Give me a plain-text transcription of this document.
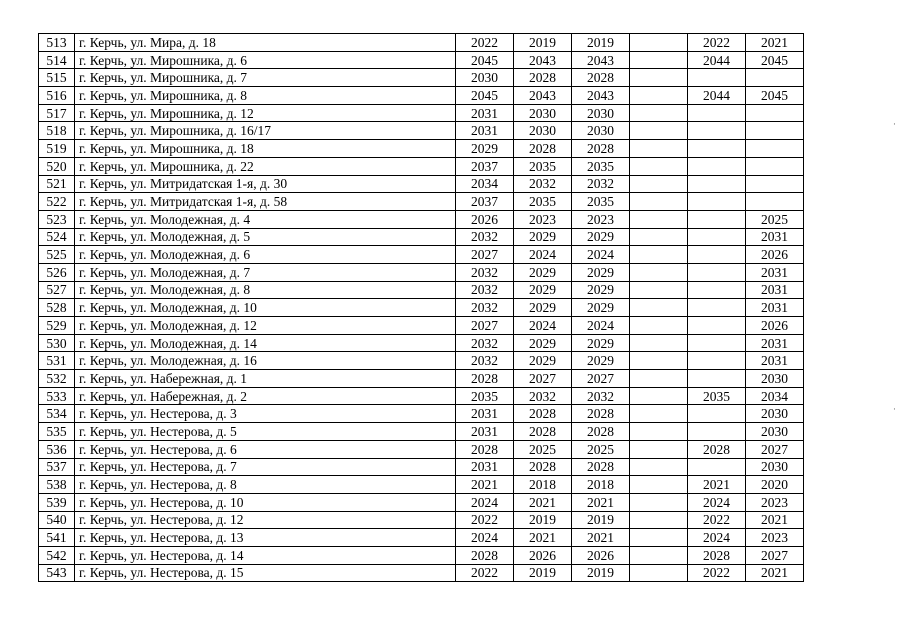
513	г. Керчь, ул. Мира, д. 18	2022	2019	2019		2022	2021
514	г. Керчь, ул. Мирошника, д. 6	2045	2043	2043		2044	2045
515	г. Керчь, ул. Мирошника, д. 7	2030	2028	2028			
516	г. Керчь, ул. Мирошника, д. 8	2045	2043	2043		2044	2045
517	г. Керчь, ул. Мирошника, д. 12	2031	2030	2030			
518	г. Керчь, ул. Мирошника, д. 16/17	2031	2030	2030			
519	г. Керчь, ул. Мирошника, д. 18	2029	2028	2028			
520	г. Керчь, ул. Мирошника, д. 22	2037	2035	2035			
521	г. Керчь, ул. Митридатская 1-я, д. 30	2034	2032	2032			
522	г. Керчь, ул. Митридатская 1-я, д. 58	2037	2035	2035			
523	г. Керчь, ул. Молодежная, д. 4	2026	2023	2023			2025
524	г. Керчь, ул. Молодежная, д. 5	2032	2029	2029			2031
525	г. Керчь, ул. Молодежная, д. 6	2027	2024	2024			2026
526	г. Керчь, ул. Молодежная, д. 7	2032	2029	2029			2031
527	г. Керчь, ул. Молодежная, д. 8	2032	2029	2029			2031
528	г. Керчь, ул. Молодежная, д. 10	2032	2029	2029			2031
529	г. Керчь, ул. Молодежная, д. 12	2027	2024	2024			2026
530	г. Керчь, ул. Молодежная, д. 14	2032	2029	2029			2031
531	г. Керчь, ул. Молодежная, д. 16	2032	2029	2029			2031
532	г. Керчь, ул. Набережная, д. 1	2028	2027	2027			2030
533	г. Керчь, ул. Набережная, д. 2	2035	2032	2032		2035	2034
534	г. Керчь, ул. Нестерова, д. 3	2031	2028	2028			2030
535	г. Керчь, ул. Нестерова, д. 5	2031	2028	2028			2030
536	г. Керчь, ул. Нестерова, д. 6	2028	2025	2025		2028	2027
537	г. Керчь, ул. Нестерова, д. 7	2031	2028	2028			2030
538	г. Керчь, ул. Нестерова, д. 8	2021	2018	2018		2021	2020
539	г. Керчь, ул. Нестерова, д. 10	2024	2021	2021		2024	2023
540	г. Керчь, ул. Нестерова, д. 12	2022	2019	2019		2022	2021
541	г. Керчь, ул. Нестерова, д. 13	2024	2021	2021		2024	2023
542	г. Керчь, ул. Нестерова, д. 14	2028	2026	2026		2028	2027
543	г. Керчь, ул. Нестерова, д. 15	2022	2019	2019		2022	2021
·
·
